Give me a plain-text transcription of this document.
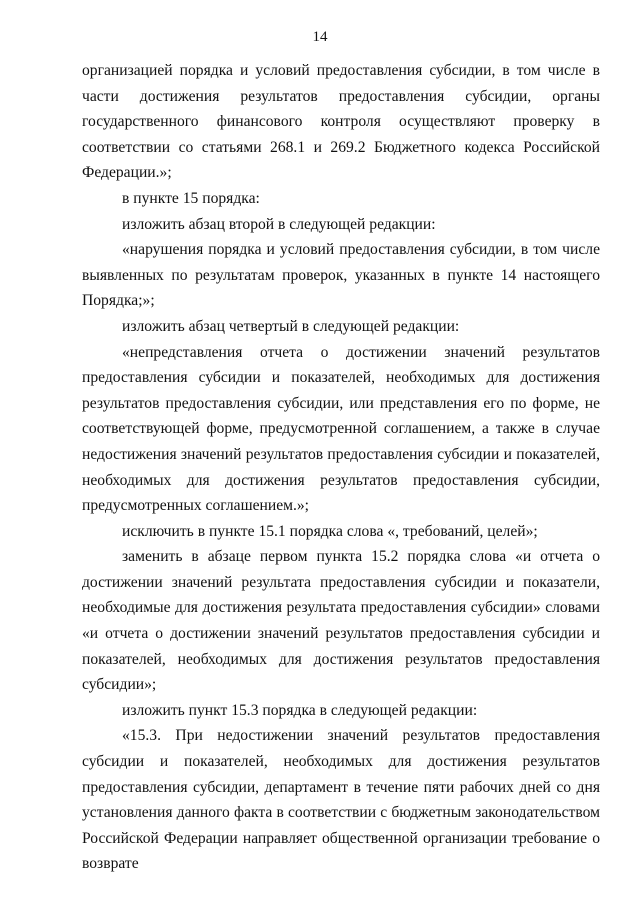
14

организацией порядка и условий предоставления субсидии, в том числе в части достижения результатов предоставления субсидии, органы государственного финансового контроля осуществляют проверку в соответствии со статьями 268.1 и 269.2 Бюджетного кодекса Российской Федерации.»;

в пункте 15 порядка:

изложить абзац второй в следующей редакции:

«нарушения порядка и условий предоставления субсидии, в том числе выявленных по результатам проверок, указанных в пункте 14 настоящего Порядка;»;

изложить абзац четвертый в следующей редакции:

«непредставления отчета о достижении значений результатов предоставления субсидии и показателей, необходимых для достижения результатов предоставления субсидии, или представления его по форме, не соответствующей форме, предусмотренной соглашением, а также в случае недостижения значений результатов предоставления субсидии и показателей, необходимых для достижения результатов предоставления субсидии, предусмотренных соглашением.»;

исключить в пункте 15.1 порядка слова «, требований, целей»;

заменить в абзаце первом пункта 15.2 порядка слова «и отчета о достижении значений результата предоставления субсидии и показатели, необходимые для достижения результата предоставления субсидии» словами «и отчета о достижении значений результатов предоставления субсидии и показателей, необходимых для достижения результатов предоставления субсидии»;

изложить пункт 15.3 порядка в следующей редакции:

«15.3. При недостижении значений результатов предоставления субсидии и показателей, необходимых для достижения результатов предоставления субсидии, департамент в течение пяти рабочих дней со дня установления данного факта в соответствии с бюджетным законодательством Российской Федерации направляет общественной организации требование о возврате
